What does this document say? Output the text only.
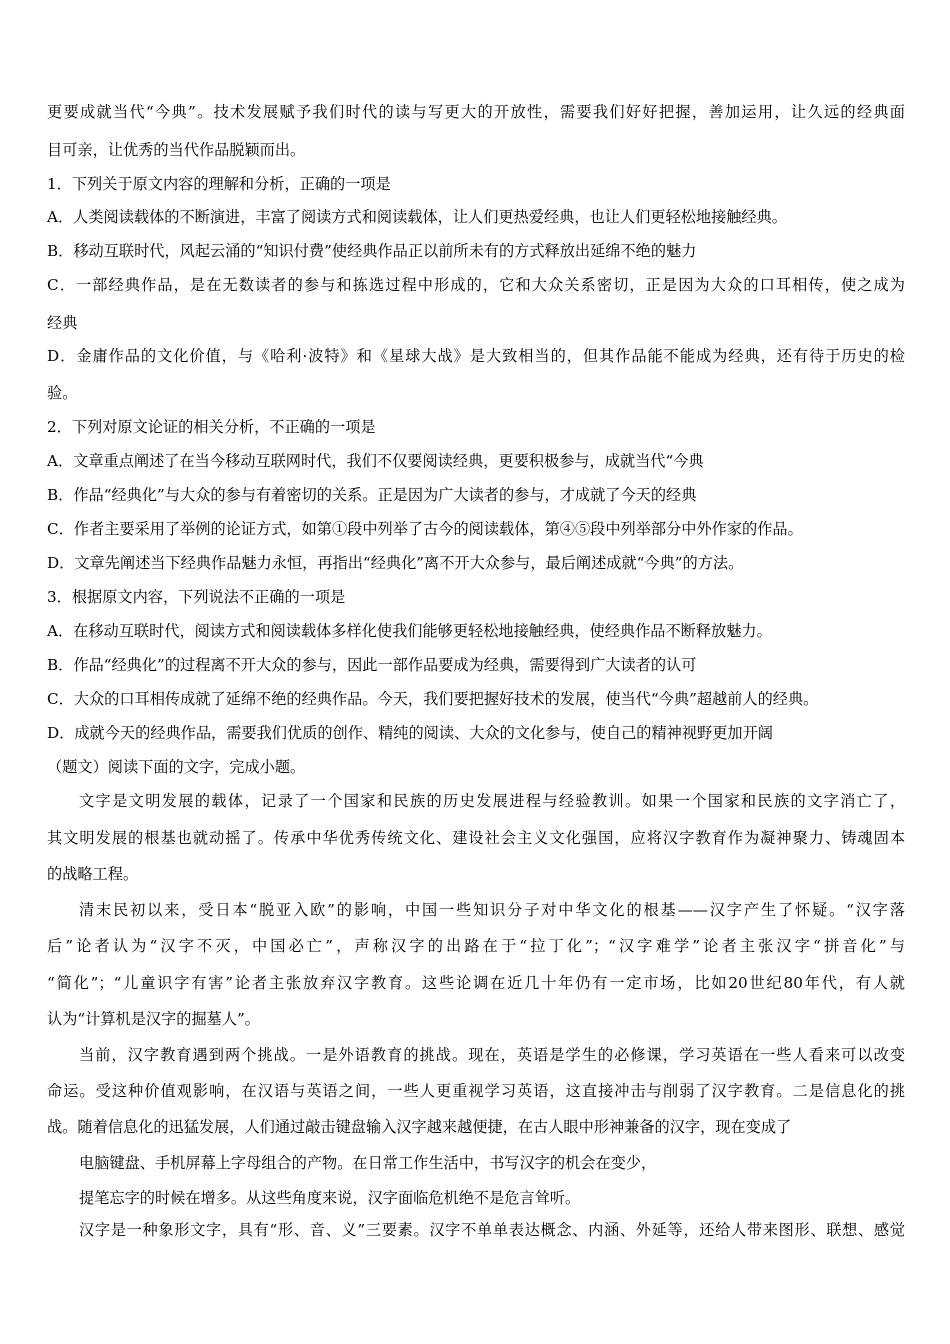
更要成就当代“今典”。技术发展赋予我们时代的读与写更大的开放性，需要我们好好把握，善加运用，让久远的经典面
目可亲，让优秀的当代作品脱颖而出。
1．下列关于原文内容的理解和分析，正确的一项是
A．人类阅读载体的不断演进，丰富了阅读方式和阅读载体，让人们更热爱经典，也让人们更轻松地接触经典。
B．移动互联时代，风起云涌的“知识付费”使经典作品正以前所未有的方式释放出延绵不绝的魅力
C．一部经典作品，是在无数读者的参与和拣选过程中形成的，它和大众关系密切，正是因为大众的口耳相传，使之成为
经典
D．金庸作品的文化价值，与《哈利·波特》和《星球大战》是大致相当的，但其作品能不能成为经典，还有待于历史的检
验。
2．下列对原文论证的相关分析，不正确的一项是
A．文章重点阐述了在当今移动互联网时代，我们不仅要阅读经典，更要积极参与，成就当代“今典
B．作品“经典化”与大众的参与有着密切的关系。正是因为广大读者的参与，才成就了今天的经典
C．作者主要采用了举例的论证方式，如第①段中列举了古今的阅读载体，第④⑤段中列举部分中外作家的作品。
D．文章先阐述当下经典作品魅力永恒，再指出“经典化”离不开大众参与，最后阐述成就“今典”的方法。
3．根据原文内容，下列说法不正确的一项是
A．在移动互联时代，阅读方式和阅读载体多样化使我们能够更轻松地接触经典，使经典作品不断释放魅力。
B．作品“经典化”的过程离不开大众的参与，因此一部作品要成为经典，需要得到广大读者的认可
C．大众的口耳相传成就了延绵不绝的经典作品。今天，我们要把握好技术的发展，使当代“今典”超越前人的经典。
D．成就今天的经典作品，需要我们优质的创作、精纯的阅读、大众的文化参与，使自己的精神视野更加开阔
（题文）阅读下面的文字，完成小题。
文字是文明发展的载体，记录了一个国家和民族的历史发展进程与经验教训。如果一个国家和民族的文字消亡了，
其文明发展的根基也就动摇了。传承中华优秀传统文化、建设社会主义文化强国，应将汉字教育作为凝神聚力、铸魂固本
的战略工程。
清末民初以来，受日本“脱亚入欧”的影响，中国一些知识分子对中华文化的根基——汉字产生了怀疑。“汉字落
后”论者认为“汉字不灭，中国必亡”，声称汉字的出路在于“拉丁化”；“汉字难学”论者主张汉字“拼音化”与
“简化”；“儿童识字有害”论者主张放弃汉字教育。这些论调在近几十年仍有一定市场，比如20世纪80年代，有人就
认为“计算机是汉字的掘墓人”。
当前，汉字教育遇到两个挑战。一是外语教育的挑战。现在，英语是学生的必修课，学习英语在一些人看来可以改变
命运。受这种价值观影响，在汉语与英语之间，一些人更重视学习英语，这直接冲击与削弱了汉字教育。二是信息化的挑
战。随着信息化的迅猛发展，人们通过敲击键盘输入汉字越来越便捷，在古人眼中形神兼备的汉字，现在变成了
电脑键盘、手机屏幕上字母组合的产物。在日常工作生活中，书写汉字的机会在变少，
提笔忘字的时候在增多。从这些角度来说，汉字面临危机绝不是危言耸听。
汉字是一种象形文字，具有“形、音、义”三要素。汉字不单单表达概念、内涵、外延等，还给人带来图形、联想、感觉
